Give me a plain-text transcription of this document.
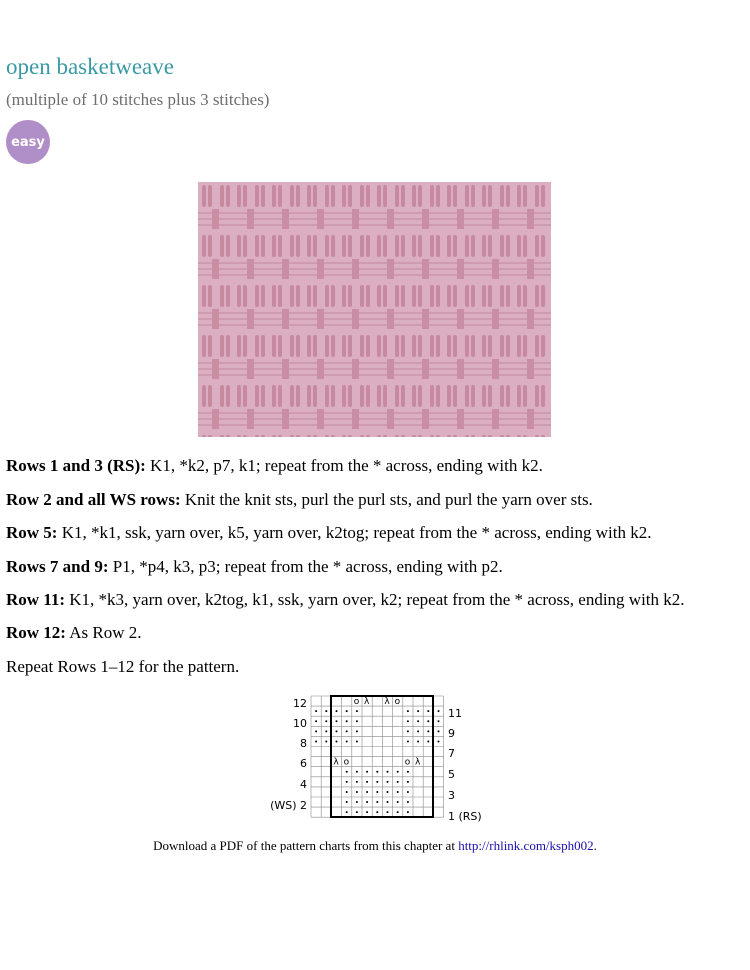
open basketweave
(multiple of 10 stitches plus 3 stitches)
easy
Rows 1 and 3 (RS): K1, *k2, p7, k1; repeat from the * across, ending with k2.
Row 2 and all WS rows: Knit the knit sts, purl the purl sts, and purl the yarn over sts.
Row 5: K1, *k1, ssk, yarn over, k5, yarn over, k2tog; repeat from the * across, ending with k2.
Rows 7 and 9: P1, *p4, k3, p3; repeat from the * across, ending with p2.
Row 11: K1, *k3, yarn over, k2tog, k1, ssk, yarn over, k2; repeat from the * across, ending with k2.
Row 12: As Row 2.
Repeat Rows 1–12 for the pattern.
o λ λ o
λ o	o λ
12
10
8
6
4
(WS) 2
11
9
7
5
3
1 (RS)
Download a PDF of the pattern charts from this chapter at http://rhlink.com/ksph002.
